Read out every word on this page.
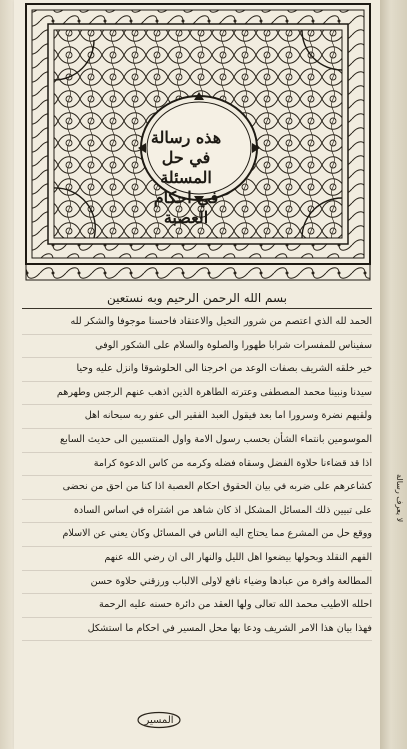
هذه رسالة
في حل المسئلة
في احكام العصبة
بسم الله الرحمن الرحيم وبه نستعين
الحمد لله الذي اعتصم من شرور التخيل والاعتقاد فاحسنا موجوفا والشكر لله
سفيناس للمفسرات شرابا طهورا والصلوة والسلام على الشكور الوفي
خير خلقه الشريف بصفات الوعد من اخرجنا الى الحلوشوقا وانزل عليه وحيا
سيدنا ونبينا محمد المصطفى وعترته الطاهرة الذين اذهب عنهم الرجس وطهرهم
ولقيهم نضرة وسرورا اما بعد فيقول العبد الفقير الى عفو ربه سبحانه اهل
الموسومين بانتماء الشأن بحسب رسول الامة واول المنتسبين الى حديث السابع
اذا قد قضاءنا حلاوة الفضل وسقاه فضله وكرمه من كاس الدعوة كرامة
كشاعرهم على ضربه في بيان الحقوق احكام العصبة اذا كنا من احق من نحضى
على تبيين ذلك المسائل المشكل اذ كان شاهد من اشتراه في اساس السادة
ووقع حل من المشرع مما يحتاج اليه الناس في المسائل وكان يعني عن الاسلام
الفهم النقلد وبحولها بيضعوا اهل الليل والنهار الى ان رضي الله عنهم
المطالعة وافرة من عبادها وضياء نافع لاولى الالباب ورزقني حلاوة حسن
احلله الاطيب محمد الله تعالى ولها العقد من دائرة حسنه عليه الرحمة
فهذا بيان هذا الامر الشريف ودعا بها محل المسير في احكام ما استشكل
لا يعرف رسالة
المسير
